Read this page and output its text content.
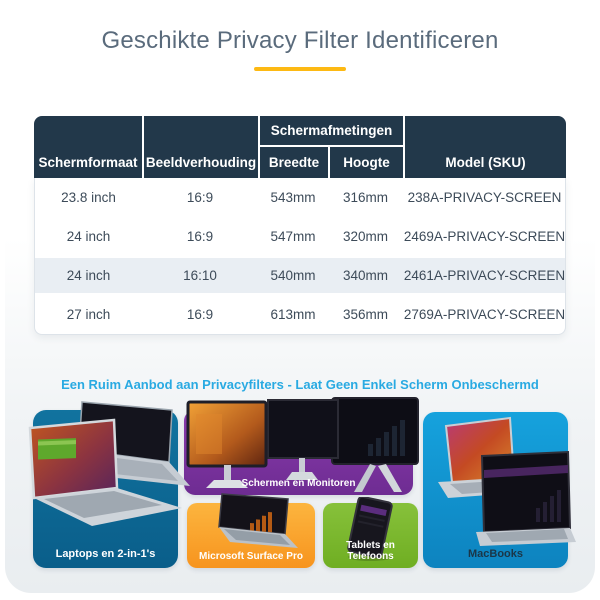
Geschikte Privacy Filter Identificeren
Schermformaat Beeldverhouding
Schermafmetingen
Breedte	Hoogte	Model (SKU)
23.8 inch	16:9	543mm	316mm	238A-PRIVACY-SCREEN
24 inch	16:9	547mm	320mm	2469A-PRIVACY-SCREEN
24 inch	16:10	540mm	340mm	2461A-PRIVACY-SCREEN
27 inch	16:9	613mm	356mm	2769A-PRIVACY-SCREEN
Een Ruim Aanbod aan Privacyfilters - Laat Geen Enkel Scherm Onbeschermd
Laptops en 2-in-1's
Schermen en Monitoren
Microsoft Surface Pro
Tablets en Telefoons	MacBooks
